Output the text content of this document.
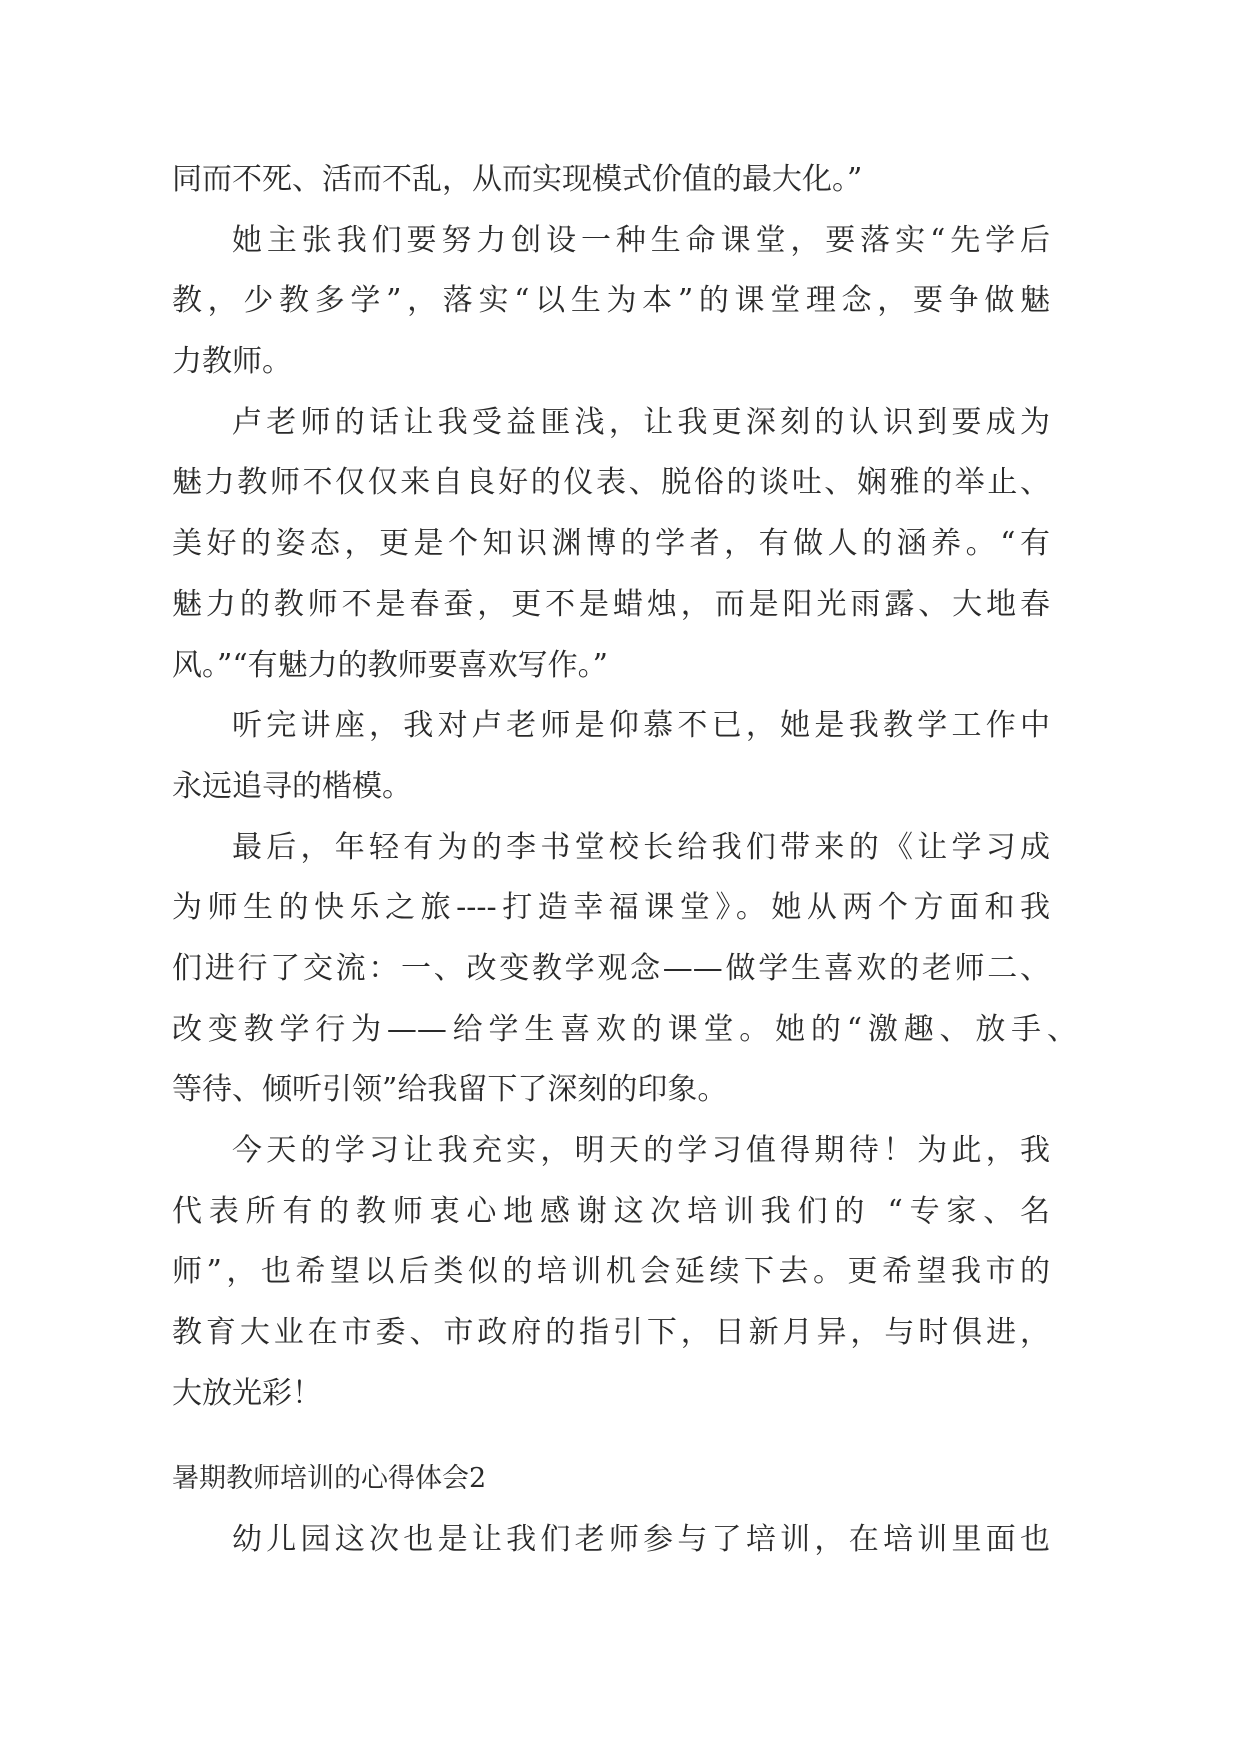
同而不死、活而不乱，从而实现模式价值的最大化。”
她主张我们要努力创设一种生命课堂，要落实“先学后
教，少教多学”，落实“以生为本”的课堂理念，要争做魅
力教师。
卢老师的话让我受益匪浅，让我更深刻的认识到要成为
魅力教师不仅仅来自良好的仪表、脱俗的谈吐、娴雅的举止、
美好的姿态，更是个知识渊博的学者，有做人的涵养。“有
魅力的教师不是春蚕，更不是蜡烛，而是阳光雨露、大地春
风。”“有魅力的教师要喜欢写作。”
听完讲座，我对卢老师是仰慕不已，她是我教学工作中
永远追寻的楷模。
最后，年轻有为的李书堂校长给我们带来的《让学习成
为师生的快乐之旅----打造幸福课堂》。她从两个方面和我
们进行了交流：一、改变教学观念——做学生喜欢的老师二、
改变教学行为——给学生喜欢的课堂。她的“激趣、放手、
等待、倾听引领”给我留下了深刻的印象。
今天的学习让我充实，明天的学习值得期待！为此，我
代表所有的教师衷心地感谢这次培训我们的 “专家、名
师”，也希望以后类似的培训机会延续下去。更希望我市的
教育大业在市委、市政府的指引下，日新月异，与时俱进，
大放光彩！
暑期教师培训的心得体会2
幼儿园这次也是让我们老师参与了培训，在培训里面也
